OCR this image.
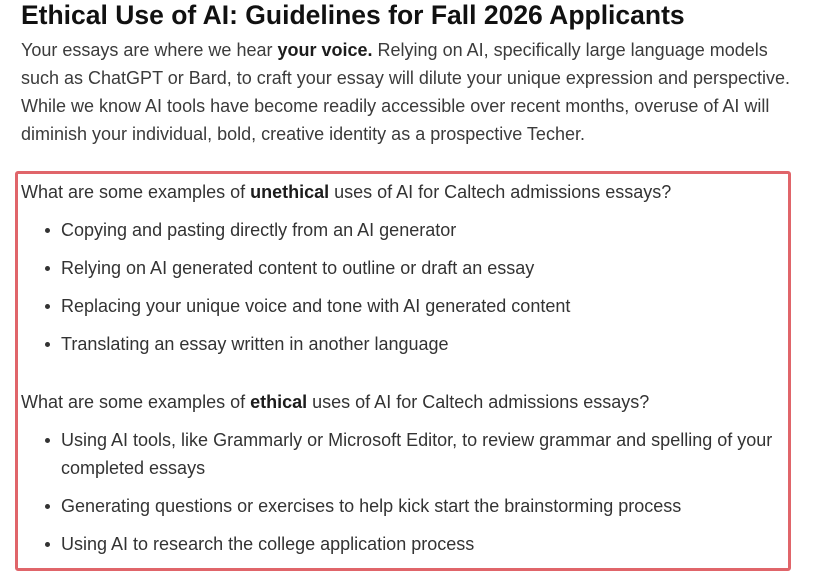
Ethical Use of AI: Guidelines for Fall 2026 Applicants

Your essays are where we hear your voice. Relying on AI, specifically large language models such as ChatGPT or Bard, to craft your essay will dilute your unique expression and perspective. While we know AI tools have become readily accessible over recent months, overuse of AI will diminish your individual, bold, creative identity as a prospective Techer.

What are some examples of unethical uses of AI for Caltech admissions essays?

Copying and pasting directly from an AI generator
Relying on AI generated content to outline or draft an essay
Replacing your unique voice and tone with AI generated content
Translating an essay written in another language

What are some examples of ethical uses of AI for Caltech admissions essays?

Using AI tools, like Grammarly or Microsoft Editor, to review grammar and spelling of your completed essays
Generating questions or exercises to help kick start the brainstorming process
Using AI to research the college application process
